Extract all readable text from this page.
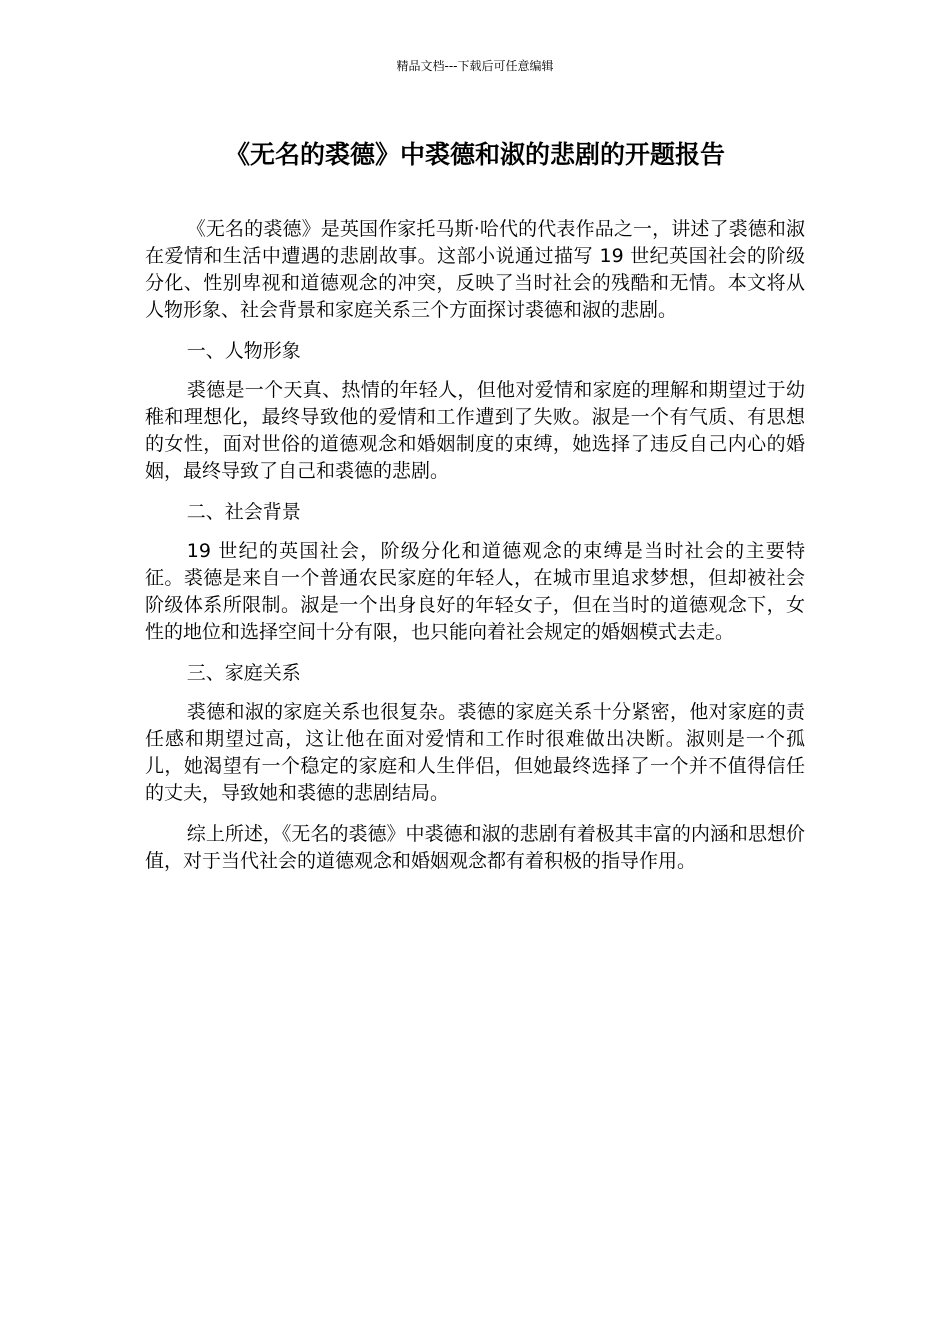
精品文档---下载后可任意编辑
《无名的裘德》中裘德和淑的悲剧的开题报告

《无名的裘德》是英国作家托马斯·哈代的代表作品之一，讲述了裘德和淑在爱情和生活中遭遇的悲剧故事。这部小说通过描写 19 世纪英国社会的阶级分化、性别卑视和道德观念的冲突，反映了当时社会的残酷和无情。本文将从人物形象、社会背景和家庭关系三个方面探讨裘德和淑的悲剧。

一、人物形象

裘德是一个天真、热情的年轻人，但他对爱情和家庭的理解和期望过于幼稚和理想化，最终导致他的爱情和工作遭到了失败。淑是一个有气质、有思想的女性，面对世俗的道德观念和婚姻制度的束缚，她选择了违反自己内心的婚姻，最终导致了自己和裘德的悲剧。

二、社会背景

19 世纪的英国社会，阶级分化和道德观念的束缚是当时社会的主要特征。裘德是来自一个普通农民家庭的年轻人，在城市里追求梦想，但却被社会阶级体系所限制。淑是一个出身良好的年轻女子，但在当时的道德观念下，女性的地位和选择空间十分有限，也只能向着社会规定的婚姻模式去走。

三、家庭关系

裘德和淑的家庭关系也很复杂。裘德的家庭关系十分紧密，他对家庭的责任感和期望过高，这让他在面对爱情和工作时很难做出决断。淑则是一个孤儿，她渴望有一个稳定的家庭和人生伴侣，但她最终选择了一个并不值得信任的丈夫，导致她和裘德的悲剧结局。

综上所述，《无名的裘德》中裘德和淑的悲剧有着极其丰富的内涵和思想价值，对于当代社会的道德观念和婚姻观念都有着积极的指导作用。
